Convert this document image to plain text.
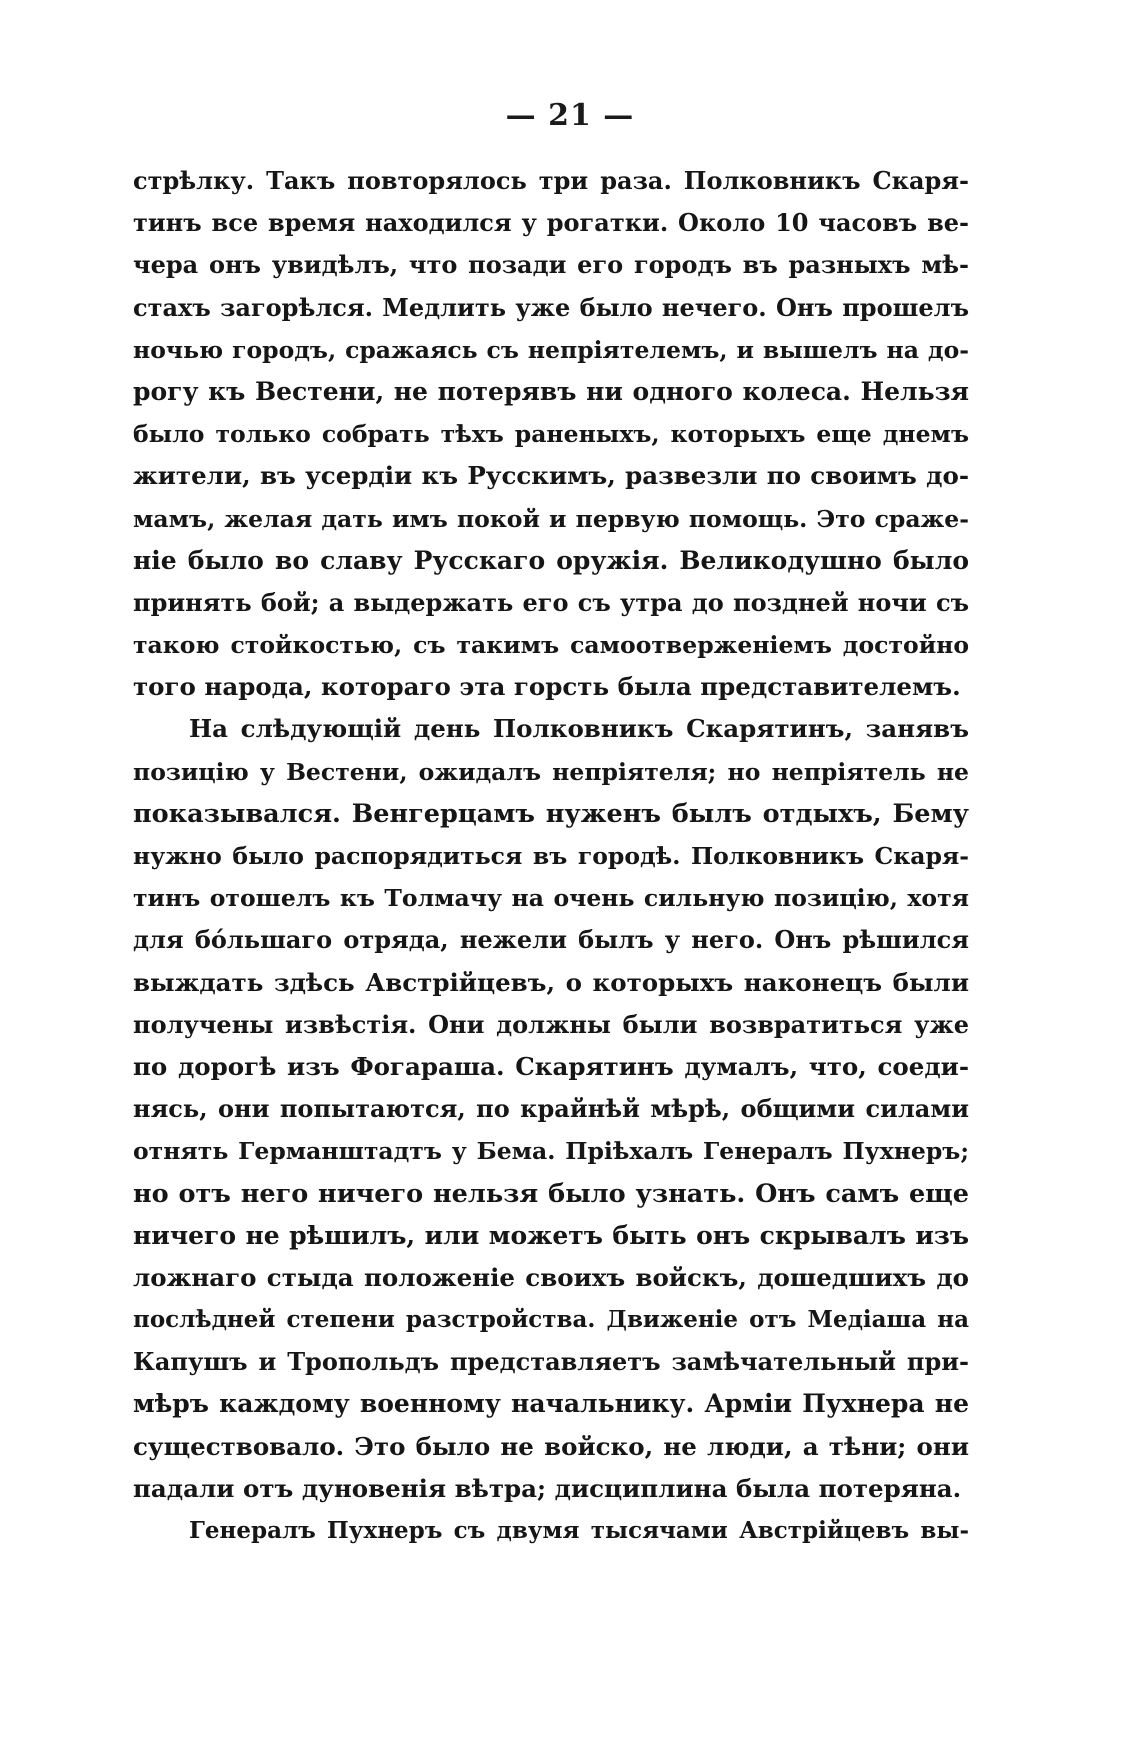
— 21 —
стрѣлку. Такъ повторялось три раза. Полковникъ Скаря-
тинъ все время находился у рогатки. Около 10 часовъ ве-
чера онъ увидѣлъ, что позади его городъ въ разныхъ мѣ-
стахъ загорѣлся. Медлить уже было нечего. Онъ прошелъ
ночью городъ, сражаясь съ непріятелемъ, и вышелъ на до-
рогу къ Вестени, не потерявъ ни одного колеса. Нельзя
было только собрать тѣхъ раненыхъ, которыхъ еще днемъ
жители, въ усердіи къ Русскимъ, развезли по своимъ до-
мамъ, желая дать имъ покой и первую помощь. Это сраже-
ніе было во славу Русскаго оружія. Великодушно было
принять бой; а выдержать его съ утра до поздней ночи съ
такою стойкостью, съ такимъ самоотверженіемъ достойно
того народа, котораго эта горсть была представителемъ.
На слѣдующій день Полковникъ Скарятинъ, занявъ
позицію у Вестени, ожидалъ непріятеля; но непріятель не
показывался. Венгерцамъ нуженъ былъ отдыхъ, Бему
нужно было распорядиться въ городѣ. Полковникъ Скаря-
тинъ отошелъ къ Толмачу на очень сильную позицію, хотя
для бóльшаго отряда, нежели былъ у него. Онъ рѣшился
выждать здѣсь Австрійцевъ, о которыхъ наконецъ были
получены извѣстія. Они должны были возвратиться уже
по дорогѣ изъ Фогараша. Скарятинъ думалъ, что, соеди-
нясь, они попытаются, по крайнѣй мѣрѣ, общими силами
отнять Германштадтъ у Бема. Пріѣхалъ Генералъ Пухнеръ;
но отъ него ничего нельзя было узнать. Онъ самъ еще
ничего не рѣшилъ, или можетъ быть онъ скрывалъ изъ
ложнаго стыда положеніе своихъ войскъ, дошедшихъ до
послѣдней степени разстройства. Движеніе отъ Медіаша на
Капушъ и Тропольдъ представляетъ замѣчательный при-
мѣръ каждому военному начальнику. Арміи Пухнера не
существовало. Это было не войско, не люди, а тѣни; они
падали отъ дуновенія вѣтра; дисциплина была потеряна.
Генералъ Пухнеръ съ двумя тысячами Австрійцевъ вы-
